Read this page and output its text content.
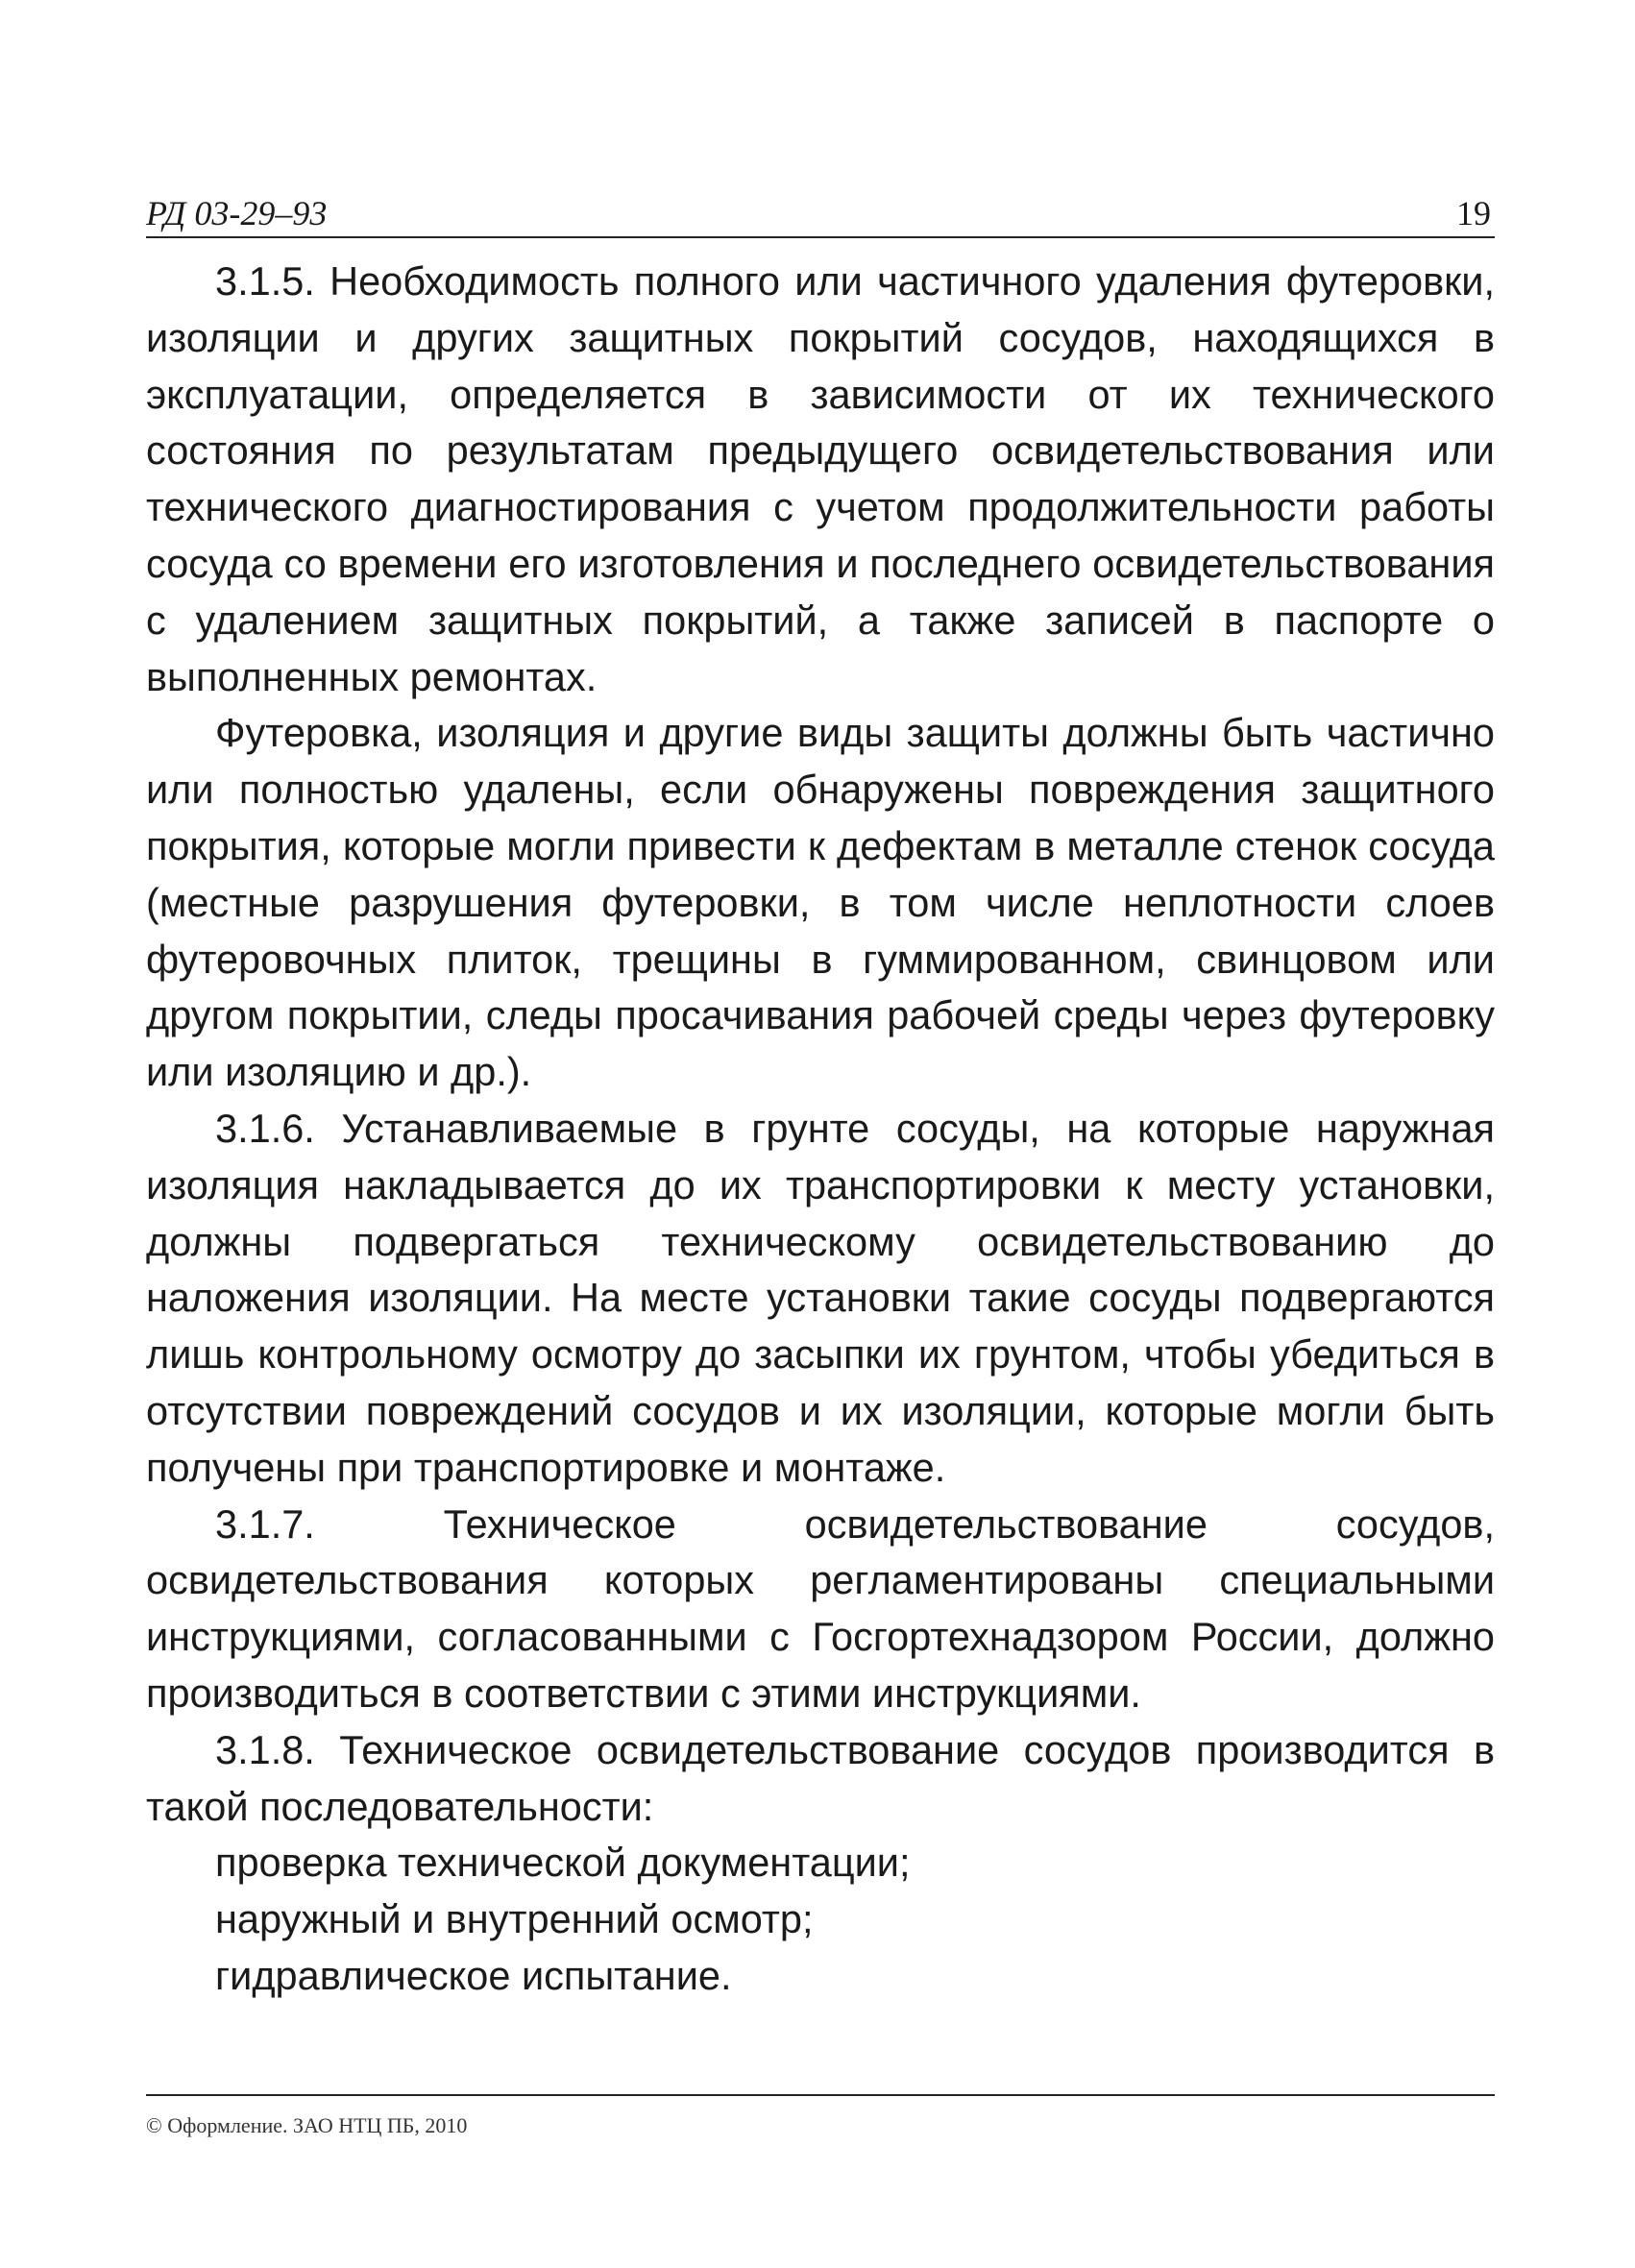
РД 03-29–93	19

3.1.5. Необходимость полного или частичного удаления футеровки, изоляции и других защитных покрытий сосудов, находящихся в эксплуатации, определяется в зависимости от их технического состояния по результатам предыдущего освидетельствования или технического диагностирования с учетом продолжительности работы сосуда со времени его изготовления и последнего освидетельствования с удалением защитных покрытий, а также записей в паспорте о выполненных ремонтах.

Футеровка, изоляция и другие виды защиты должны быть частично или полностью удалены, если обнаружены повреждения защитного покрытия, которые могли привести к дефектам в металле стенок сосуда (местные разрушения футеровки, в том числе неплотности слоев футеровочных плиток, трещины в гуммированном, свинцовом или другом покрытии, следы просачивания рабочей среды через футеровку или изоляцию и др.).

3.1.6. Устанавливаемые в грунте сосуды, на которые наружная изоляция накладывается до их транспортировки к месту установки, должны подвергаться техническому освидетельствованию до наложения изоляции. На месте установки такие сосуды подвергаются лишь контрольному осмотру до засыпки их грунтом, чтобы убедиться в отсутствии повреждений сосудов и их изоляции, которые могли быть получены при транспортировке и монтаже.

3.1.7. Техническое освидетельствование сосудов, освидетельствования которых регламентированы специальными инструкциями, согласованными с Госгортехнадзором России, должно производиться в соответствии с этими инструкциями.

3.1.8. Техническое освидетельствование сосудов производится в такой последовательности:

проверка технической документации;
наружный и внутренний осмотр;
гидравлическое испытание.
© Оформление. ЗАО НТЦ ПБ, 2010
